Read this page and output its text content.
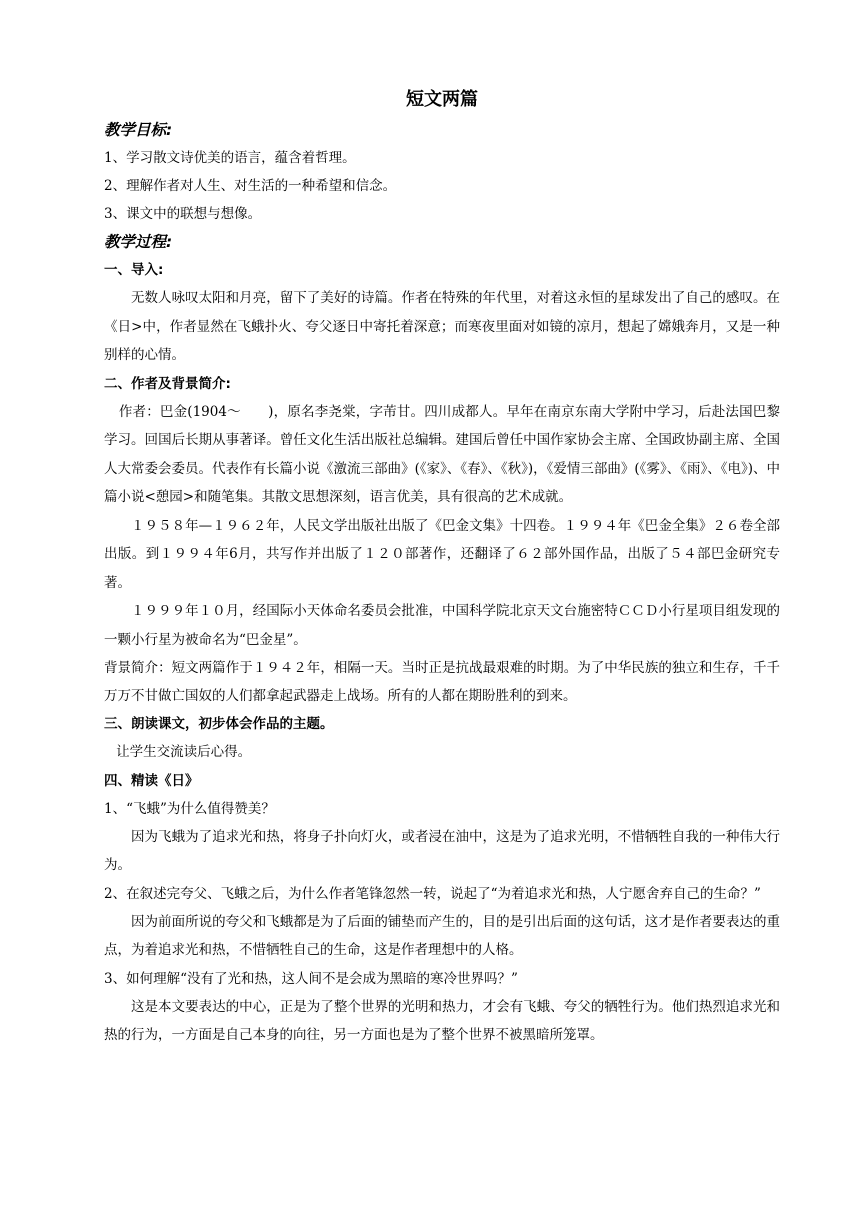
短文两篇

教学目标:

1、学习散文诗优美的语言，蕴含着哲理。

2、理解作者对人生、对生活的一种希望和信念。

3、课文中的联想与想像。

教学过程:

一、导入:

无数人咏叹太阳和月亮，留下了美好的诗篇。作者在特殊的年代里，对着这永恒的星球发出了自己的感叹。在《日>中，作者显然在飞蛾扑火、夸父逐日中寄托着深意；而寒夜里面对如镜的凉月，想起了嫦娥奔月，又是一种别样的心情。

二、作者及背景简介:

作者：巴金(1904～　　)，原名李尧棠，字芾甘。四川成都人。早年在南京东南大学附中学习，后赴法国巴黎学习。回国后长期从事著译。曾任文化生活出版社总编辑。建国后曾任中国作家协会主席、全国政协副主席、全国人大常委会委员。代表作有长篇小说《激流三部曲》(《家》、《春》、《秋》)，《爱情三部曲》(《雾》、《雨》、《电》)、中篇小说<憩园>和随笔集。其散文思想深刻，语言优美，具有很高的艺术成就。

１９５８年—１９６２年，人民文学出版社出版了《巴金文集》十四卷。１９９４年《巴金全集》２６卷全部出版。到１９９４年6月，共写作并出版了１２０部著作，还翻译了６２部外国作品，出版了５４部巴金研究专著。

１９９９年１０月，经国际小天体命名委员会批准，中国科学院北京天文台施密特ＣＣＤ小行星项目组发现的一颗小行星为被命名为“巴金星”。

背景简介：短文两篇作于１９４２年，相隔一天。当时正是抗战最艰难的时期。为了中华民族的独立和生存，千千万万不甘做亡国奴的人们都拿起武器走上战场。所有的人都在期盼胜利的到来。

三、朗读课文，初步体会作品的主题。

让学生交流读后心得。

四、精读《日》

1、“飞蛾”为什么值得赞美？

因为飞蛾为了追求光和热，将身子扑向灯火，或者浸在油中，这是为了追求光明，不惜牺牲自我的一种伟大行为。

2、在叙述完夸父、飞蛾之后，为什么作者笔锋忽然一转，说起了“为着追求光和热，人宁愿舍弃自己的生命？”

因为前面所说的夸父和飞蛾都是为了后面的铺垫而产生的，目的是引出后面的这句话，这才是作者要表达的重点，为着追求光和热，不惜牺牲自己的生命，这是作者理想中的人格。

3、如何理解“没有了光和热，这人间不是会成为黑暗的寒冷世界吗？”

这是本文要表达的中心，正是为了整个世界的光明和热力，才会有飞蛾、夸父的牺牲行为。他们热烈追求光和热的行为，一方面是自己本身的向往，另一方面也是为了整个世界不被黑暗所笼罩。
